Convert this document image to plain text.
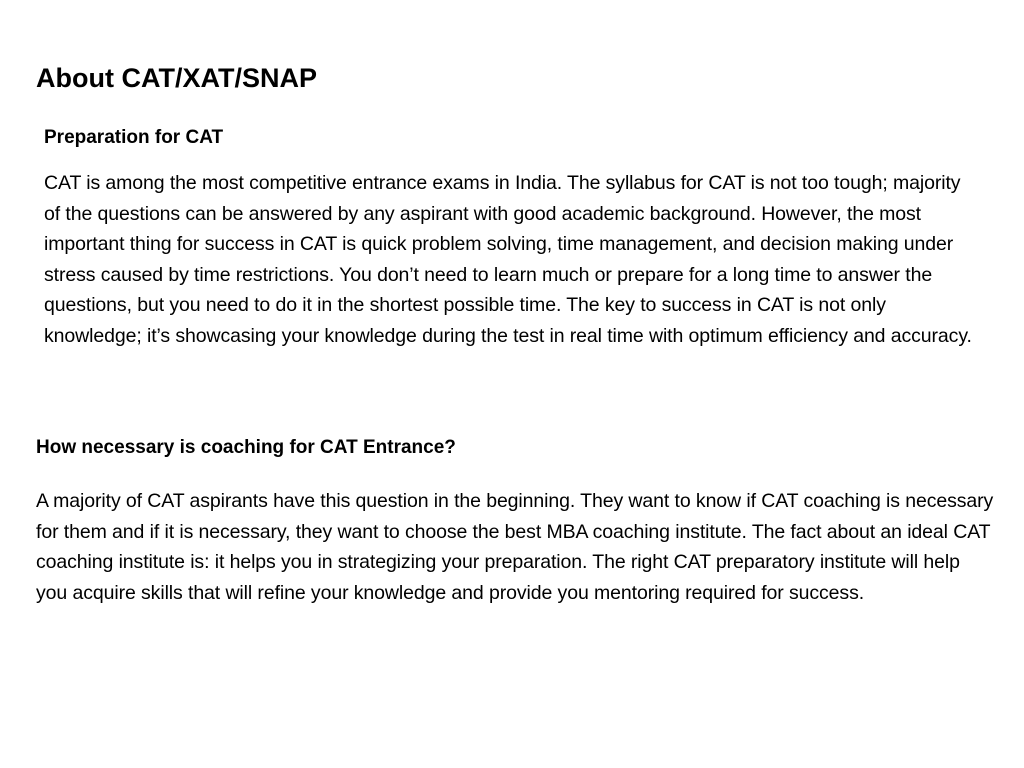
About CAT/XAT/SNAP
Preparation for CAT

CAT is among the most competitive entrance exams in India. The syllabus for CAT is not too tough; majority of the questions can be answered by any aspirant with good academic background. However, the most important thing for success in CAT is quick problem solving, time management, and decision making under stress caused by time restrictions. You don’t need to learn much or prepare for a long time to answer the questions, but you need to do it in the shortest possible time. The key to success in CAT is not only knowledge; it’s showcasing your knowledge during the test in real time with optimum efficiency and accuracy.

How necessary is coaching for CAT Entrance?

A majority of CAT aspirants have this question in the beginning. They want to know if CAT coaching is necessary for them and if it is necessary, they want to choose the best MBA coaching institute. The fact about an ideal CAT coaching institute is: it helps you in strategizing your preparation. The right CAT preparatory institute will help you acquire skills that will refine your knowledge and provide you mentoring required for success.
